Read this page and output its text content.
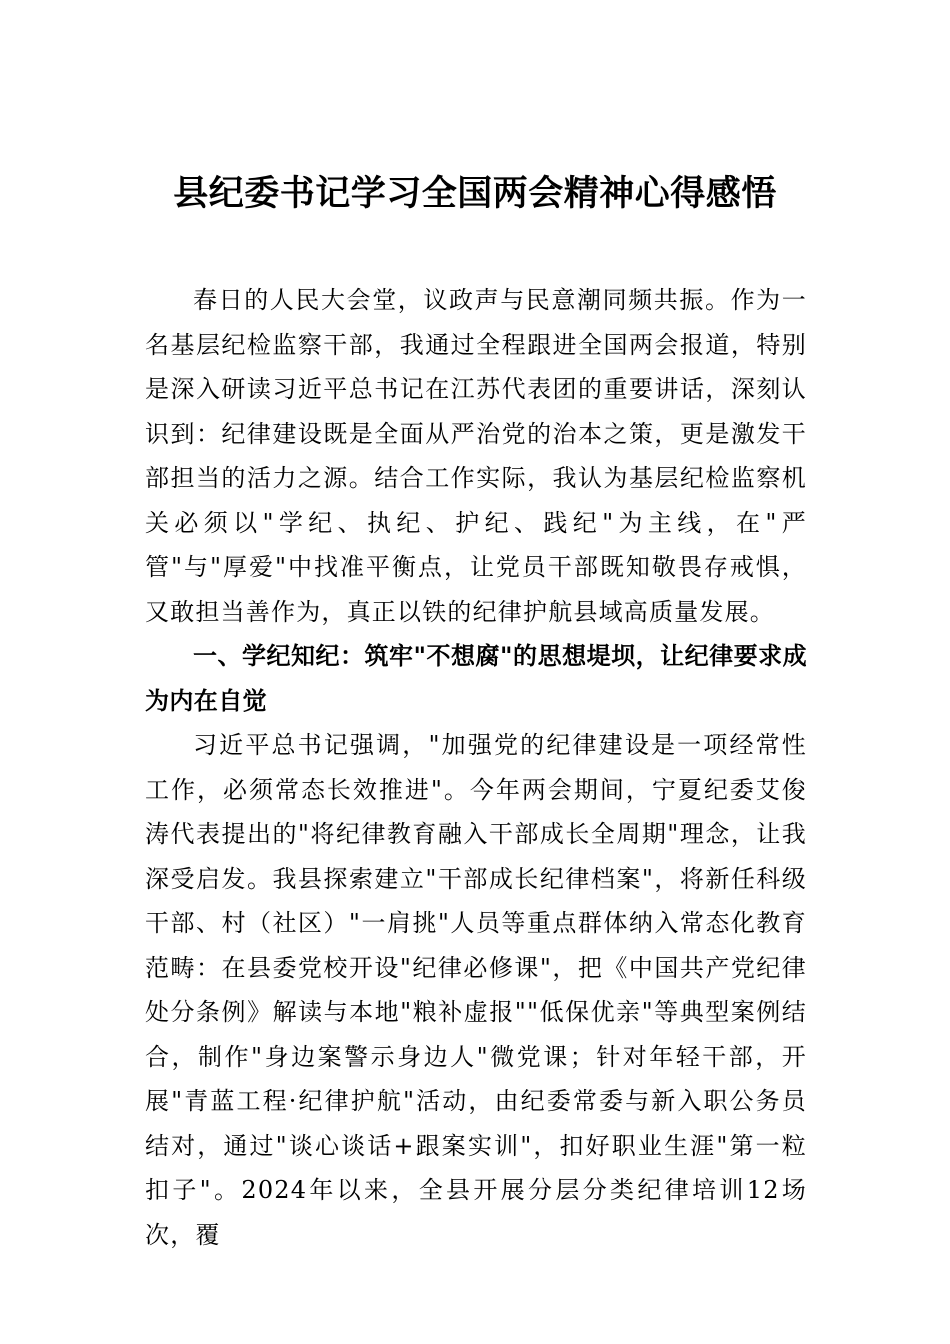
县纪委书记学习全国两会精神心得感悟

春日的人民大会堂，议政声与民意潮同频共振。作为一名基层纪检监察干部，我通过全程跟进全国两会报道，特别是深入研读习近平总书记在江苏代表团的重要讲话，深刻认识到：纪律建设既是全面从严治党的治本之策，更是激发干部担当的活力之源。结合工作实际，我认为基层纪检监察机关必须以"学纪、执纪、护纪、践纪"为主线，在"严管"与"厚爱"中找准平衡点，让党员干部既知敬畏存戒惧，又敢担当善作为，真正以铁的纪律护航县域高质量发展。

一、学纪知纪：筑牢"不想腐"的思想堤坝，让纪律要求成为内在自觉

习近平总书记强调，"加强党的纪律建设是一项经常性工作，必须常态长效推进"。今年两会期间，宁夏纪委艾俊涛代表提出的"将纪律教育融入干部成长全周期"理念，让我深受启发。我县探索建立"干部成长纪律档案"，将新任科级干部、村（社区）"一肩挑"人员等重点群体纳入常态化教育范畴：在县委党校开设"纪律必修课"，把《中国共产党纪律处分条例》解读与本地"粮补虚报""低保优亲"等典型案例结合，制作"身边案警示身边人"微党课；针对年轻干部，开展"青蓝工程·纪律护航"活动，由纪委常委与新入职公务员结对，通过"谈心谈话+跟案实训"，扣好职业生涯"第一粒扣子"。2024年以来，全县开展分层分类纪律培训12场次，覆
